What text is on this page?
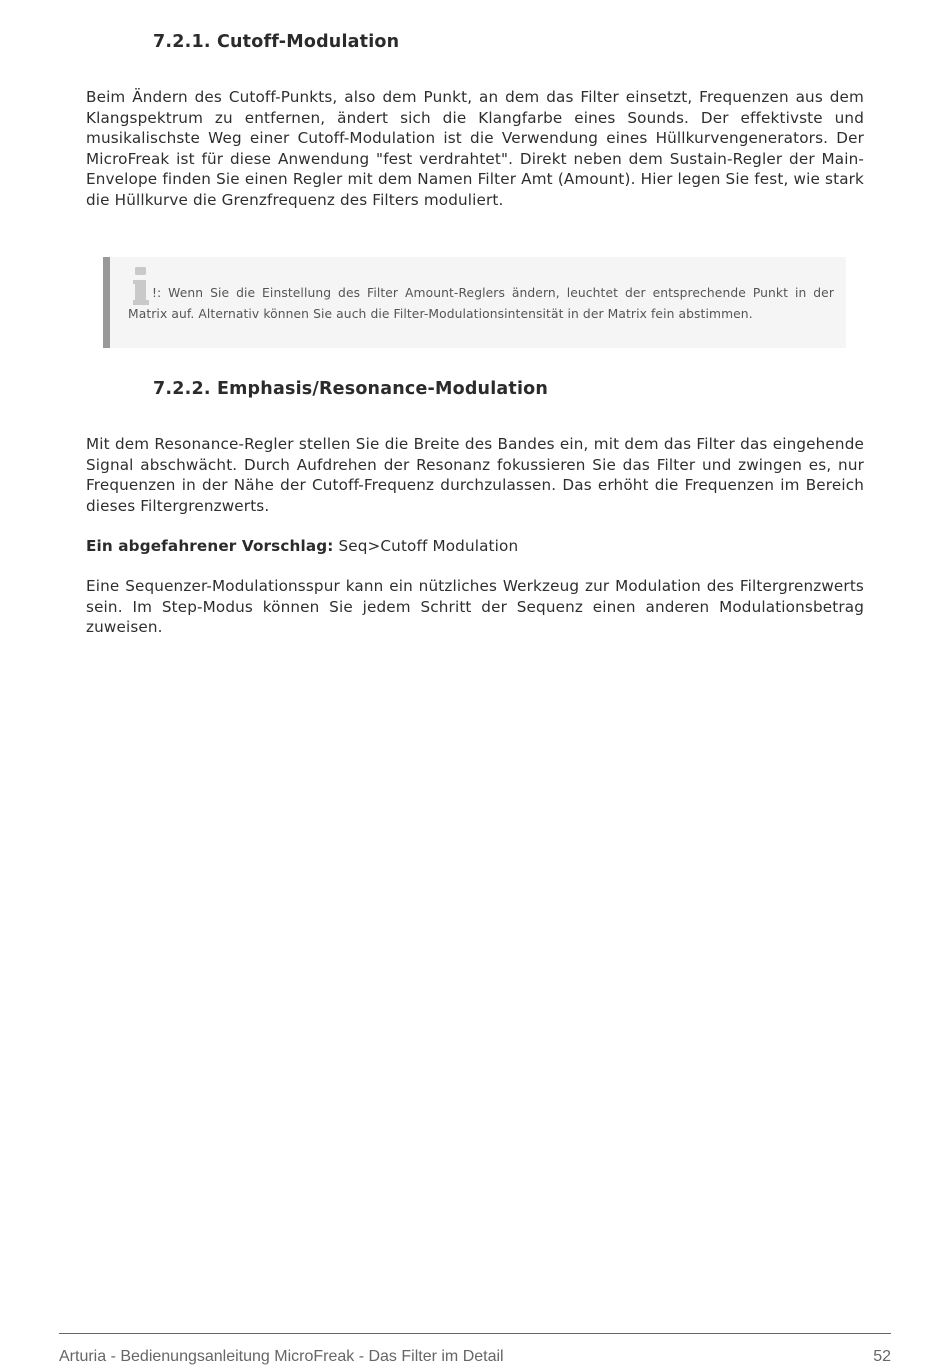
7.2.1. Cutoff-Modulation

Beim Ändern des Cutoff-Punkts, also dem Punkt, an dem das Filter einsetzt, Frequenzen aus dem Klangspektrum zu entfernen, ändert sich die Klangfarbe eines Sounds. Der effektivste und musikalischste Weg einer Cutoff-Modulation ist die Verwendung eines Hüllkurvengenerators. Der MicroFreak ist für diese Anwendung "fest verdrahtet". Direkt neben dem Sustain-Regler der Main-Envelope finden Sie einen Regler mit dem Namen Filter Amt (Amount). Hier legen Sie fest, wie stark die Hüllkurve die Grenzfrequenz des Filters moduliert.

!: Wenn Sie die Einstellung des Filter Amount-Reglers ändern, leuchtet der entsprechende Punkt in der Matrix auf. Alternativ können Sie auch die Filter-Modulationsintensität in der Matrix fein abstimmen.

7.2.2. Emphasis/Resonance-Modulation

Mit dem Resonance-Regler stellen Sie die Breite des Bandes ein, mit dem das Filter das eingehende Signal abschwächt. Durch Aufdrehen der Resonanz fokussieren Sie das Filter und zwingen es, nur Frequenzen in der Nähe der Cutoff-Frequenz durchzulassen. Das erhöht die Frequenzen im Bereich dieses Filtergrenzwerts.

Ein abgefahrener Vorschlag: Seq>Cutoff Modulation

Eine Sequenzer-Modulationsspur kann ein nützliches Werkzeug zur Modulation des Filtergrenzwerts sein. Im Step-Modus können Sie jedem Schritt der Sequenz einen anderen Modulationsbetrag zuweisen.

Arturia - Bedienungsanleitung MicroFreak - Das Filter im Detail	52
